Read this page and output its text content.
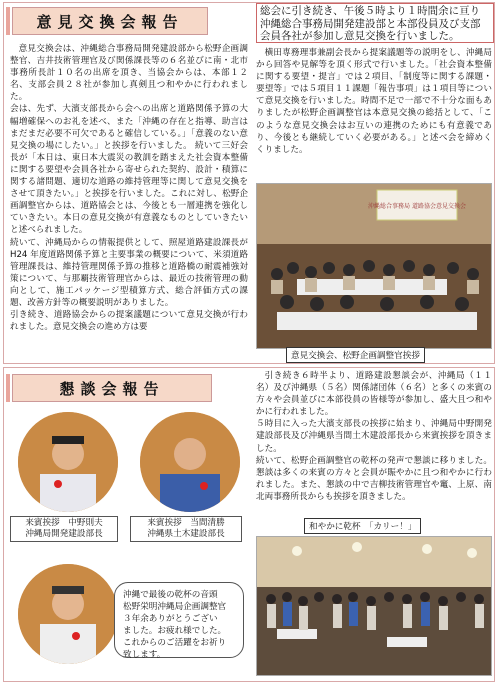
意見交換会報告
総会に引き続き、午後５時より１時間余に亘り
沖縄総合事務局開発建設部と本部役員及び支部
会員各社が参加し意見交換を行いました。

意見交換会は、沖縄総合事務局開発建設部から松野企画調整官、吉井技術管理官及び関係課長等の６名並びに南・北市事務所長計１０名の出席を頂き、当協会からは、本部１２名、支部会員２８社が参加し真剣且つ和やかに行われました。
会は、先ず、大濱支部長から会への出席と道路関係予算の大幅増確保へのお礼を述べ、また「沖縄の存在と指導、助言はまだまだ必要不可欠であると確信している。」「意義のない意見交換の場にしたい。」と挨拶を行いました。 続いて三好会長が「本日は、東日本大震災の教訓を踏まえた社会資本整備に関する要望や会員各社から寄せられた契約、設計・積算に関する諸問題、適切な道路の維持管理等に関して意見交換をさせて頂きたい。」と挨拶を行いました。これに対し、松野企画調整官からは、道路協会とは、今後とも一層連携を強化していきたい。本日の意見交換が有意義なものとしていきたいと述べられました。
続いて、沖縄局からの情報提供として、照屋道路建設課長が H24 年度道路関係予算と主要事業の概要について、米須道路管理課長は、維持管理関係予算の推移と道路橋の耐震補強対策について、与那覇技術管理官からは、最近の技術管理の動向として、施工パッケージ型積算方式、総合評価方式の課題、改善方針等の概要説明がありました。
引き続き、道路協会からの提案議題について意見交換が行われました。意見交換会の進め方は要

横田専務理事兼副会長から提案議題等の説明をし、沖縄局から回答や見解等を頂く形式で行いました。「社会資本整備に関する要望・提言」では２項目、「制度等に関する課題・要望等」では５項目１１課題「報告事項」は１項目等について意見交換を行いました。時間不足で一部で不十分な面もありましたが松野企画調整官は本意見交換の総括として、「このような意見交換会はお互いの連携のためにも有意義であり、今後とも継続していく必要がある。」と述べ会を締めくくりました。

沖縄総合事務局 道路協会意見交換会
意見交換会、松野企画調整官挨拶
懇談会報告

引き続き６時半より、道路建設懇談会が、沖縄局（１１名）及び沖縄県（５名）関係諸団体（６名）と多くの来賓の方々や会員並びに本部役員の皆様等が参加し、盛大且つ和やかに行われました。
５時目に入った大濱支部長の挨拶に始まり、沖縄局中野開発建設部長及び沖縄県当間土木建設部長から来賓挨拶を頂きました。
続いて、松野企画調整官の乾杯の発声で懇談に移りました。懇談は多くの来賓の方々と会員が賑やかに且つ和やかに行われました。また、懇談の中で吉柳技術管理官や竃、上原、南北両事務所長からも挨拶を頂きました。

来賓挨拶　中野則夫
沖縄局開発建設部長
来賓挨拶　当間清勝
沖縄県土木建設部長
沖縄で最後の乾杯の音頭
松野栄明沖縄局企画調整官
３年余ありがとうござい
ました。お疲れ様でした。
これからのご活躍をお祈り
致します。
和やかに乾杯　「カリー！」
